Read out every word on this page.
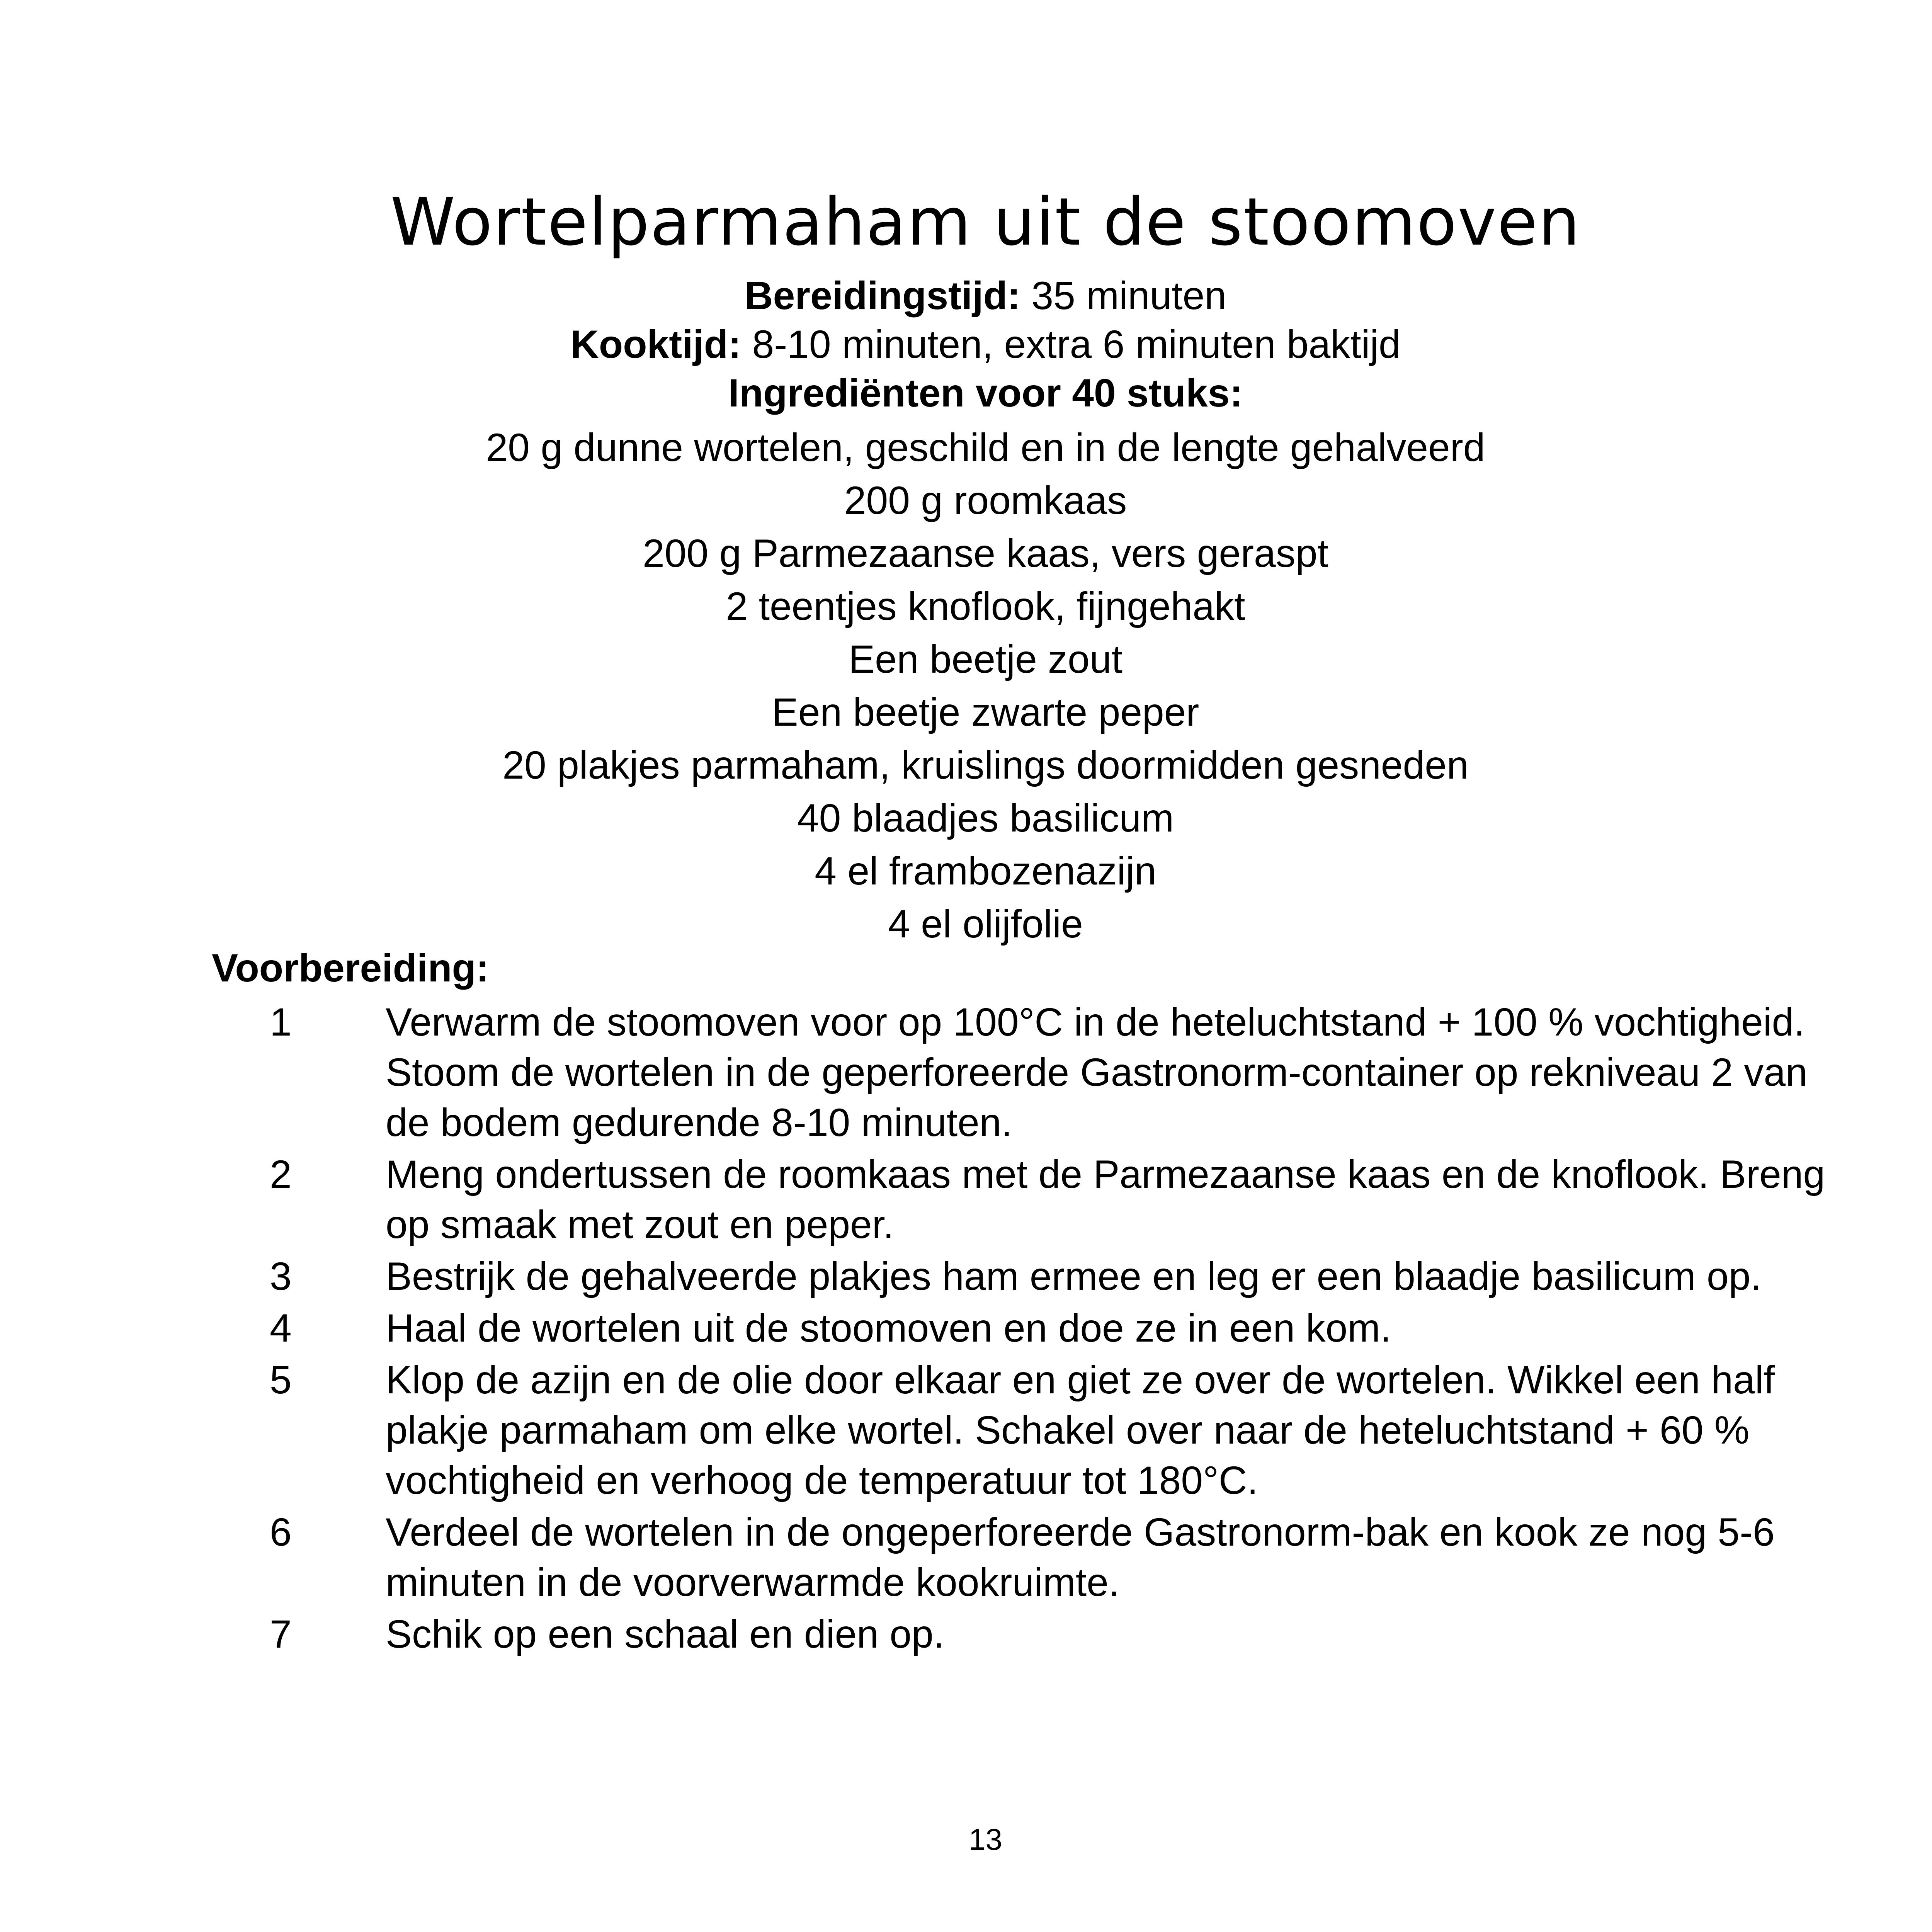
Wortelparmaham uit de stoomoven
Bereidingstijd: 35 minuten
Kooktijd: 8-10 minuten, extra 6 minuten baktijd
Ingrediënten voor 40 stuks:
20 g dunne wortelen, geschild en in de lengte gehalveerd
200 g roomkaas
200 g Parmezaanse kaas, vers geraspt
2 teentjes knoflook, fijngehakt
Een beetje zout
Een beetje zwarte peper
20 plakjes parmaham, kruislings doormidden gesneden
40 blaadjes basilicum
4 el frambozenazijn
4 el olijfolie
Voorbereiding:
1	Verwarm de stoomoven voor op 100°C in de heteluchtstand + 100 % vochtigheid. Stoom de wortelen in de geperforeerde Gastronorm-container op rekniveau 2 van de bodem gedurende 8-10 minuten.
2	Meng ondertussen de roomkaas met de Parmezaanse kaas en de knoflook. Breng op smaak met zout en peper.
3	Bestrijk de gehalveerde plakjes ham ermee en leg er een blaadje basilicum op.
4	Haal de wortelen uit de stoomoven en doe ze in een kom.
5	Klop de azijn en de olie door elkaar en giet ze over de wortelen. Wikkel een half plakje parmaham om elke wortel. Schakel over naar de heteluchtstand + 60 % vochtigheid en verhoog de temperatuur tot 180°C.
6	Verdeel de wortelen in de ongeperforeerde Gastronorm-bak en kook ze nog 5-6 minuten in de voorverwarmde kookruimte.
7	Schik op een schaal en dien op.
13
